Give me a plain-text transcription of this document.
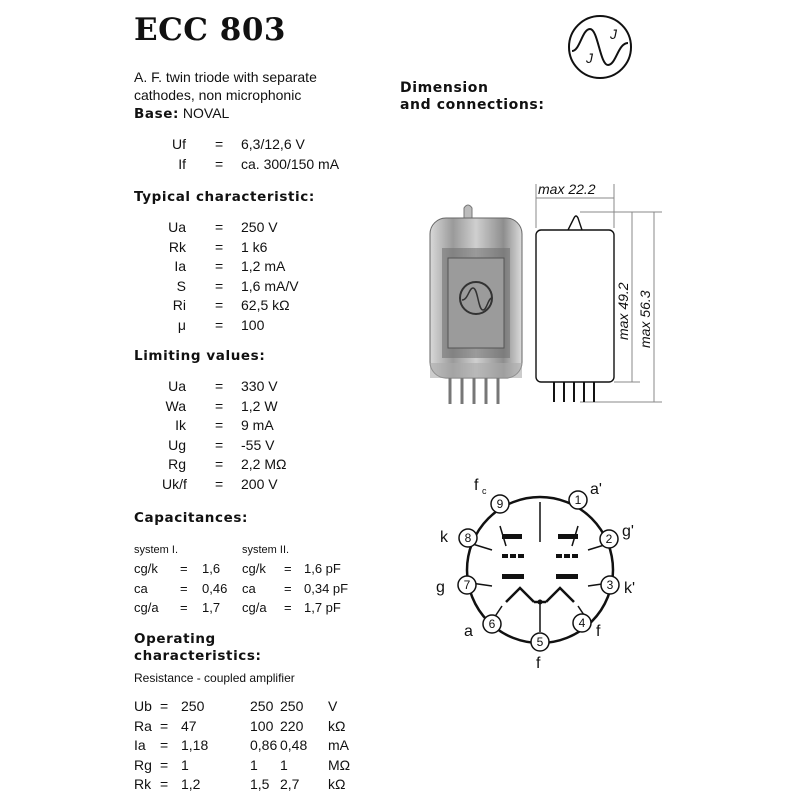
ECC 803	J
J
A. F. twin triode with separate
cathodes, non microphonic
Base: NOVAL
Uf = 6,3/12,6 V
If = ca. 300/150 mA
Typical characteristic:
Ua = 250 V
Rk = 1 k6
Ia = 1,2 mA
S = 1,6 mA/V
Ri = 62,5 kΩ
μ = 100
Limiting values:
Ua = 330 V
Wa = 1,2 W
Ik = 9 mA
Ug = -55 V
Rg = 2,2 MΩ
Uk/f = 200 V
Capacitances:
system I.	system II.
cg/k = 1,6 cg/k = 1,6 pF
ca = 0,46 ca = 0,34 pF
cg/a = 1,7 cg/a = 1,7 pF
Operating
characteristics:
Resistance - coupled amplifier
Ub = 250	250 250 V
Ra = 47	100 220 kΩ
Ia = 1,18	0,86 0,48 mA
Rg = 1	1 1	MΩ
Rk = 1,2	1,5 2,7 kΩ
Dimension
and connections:
max 22.2
max 49.2 max 56.3
1
2
3
4
5
6
7
8
9
a'
g'
k'
f
f
a
g
k
f c
